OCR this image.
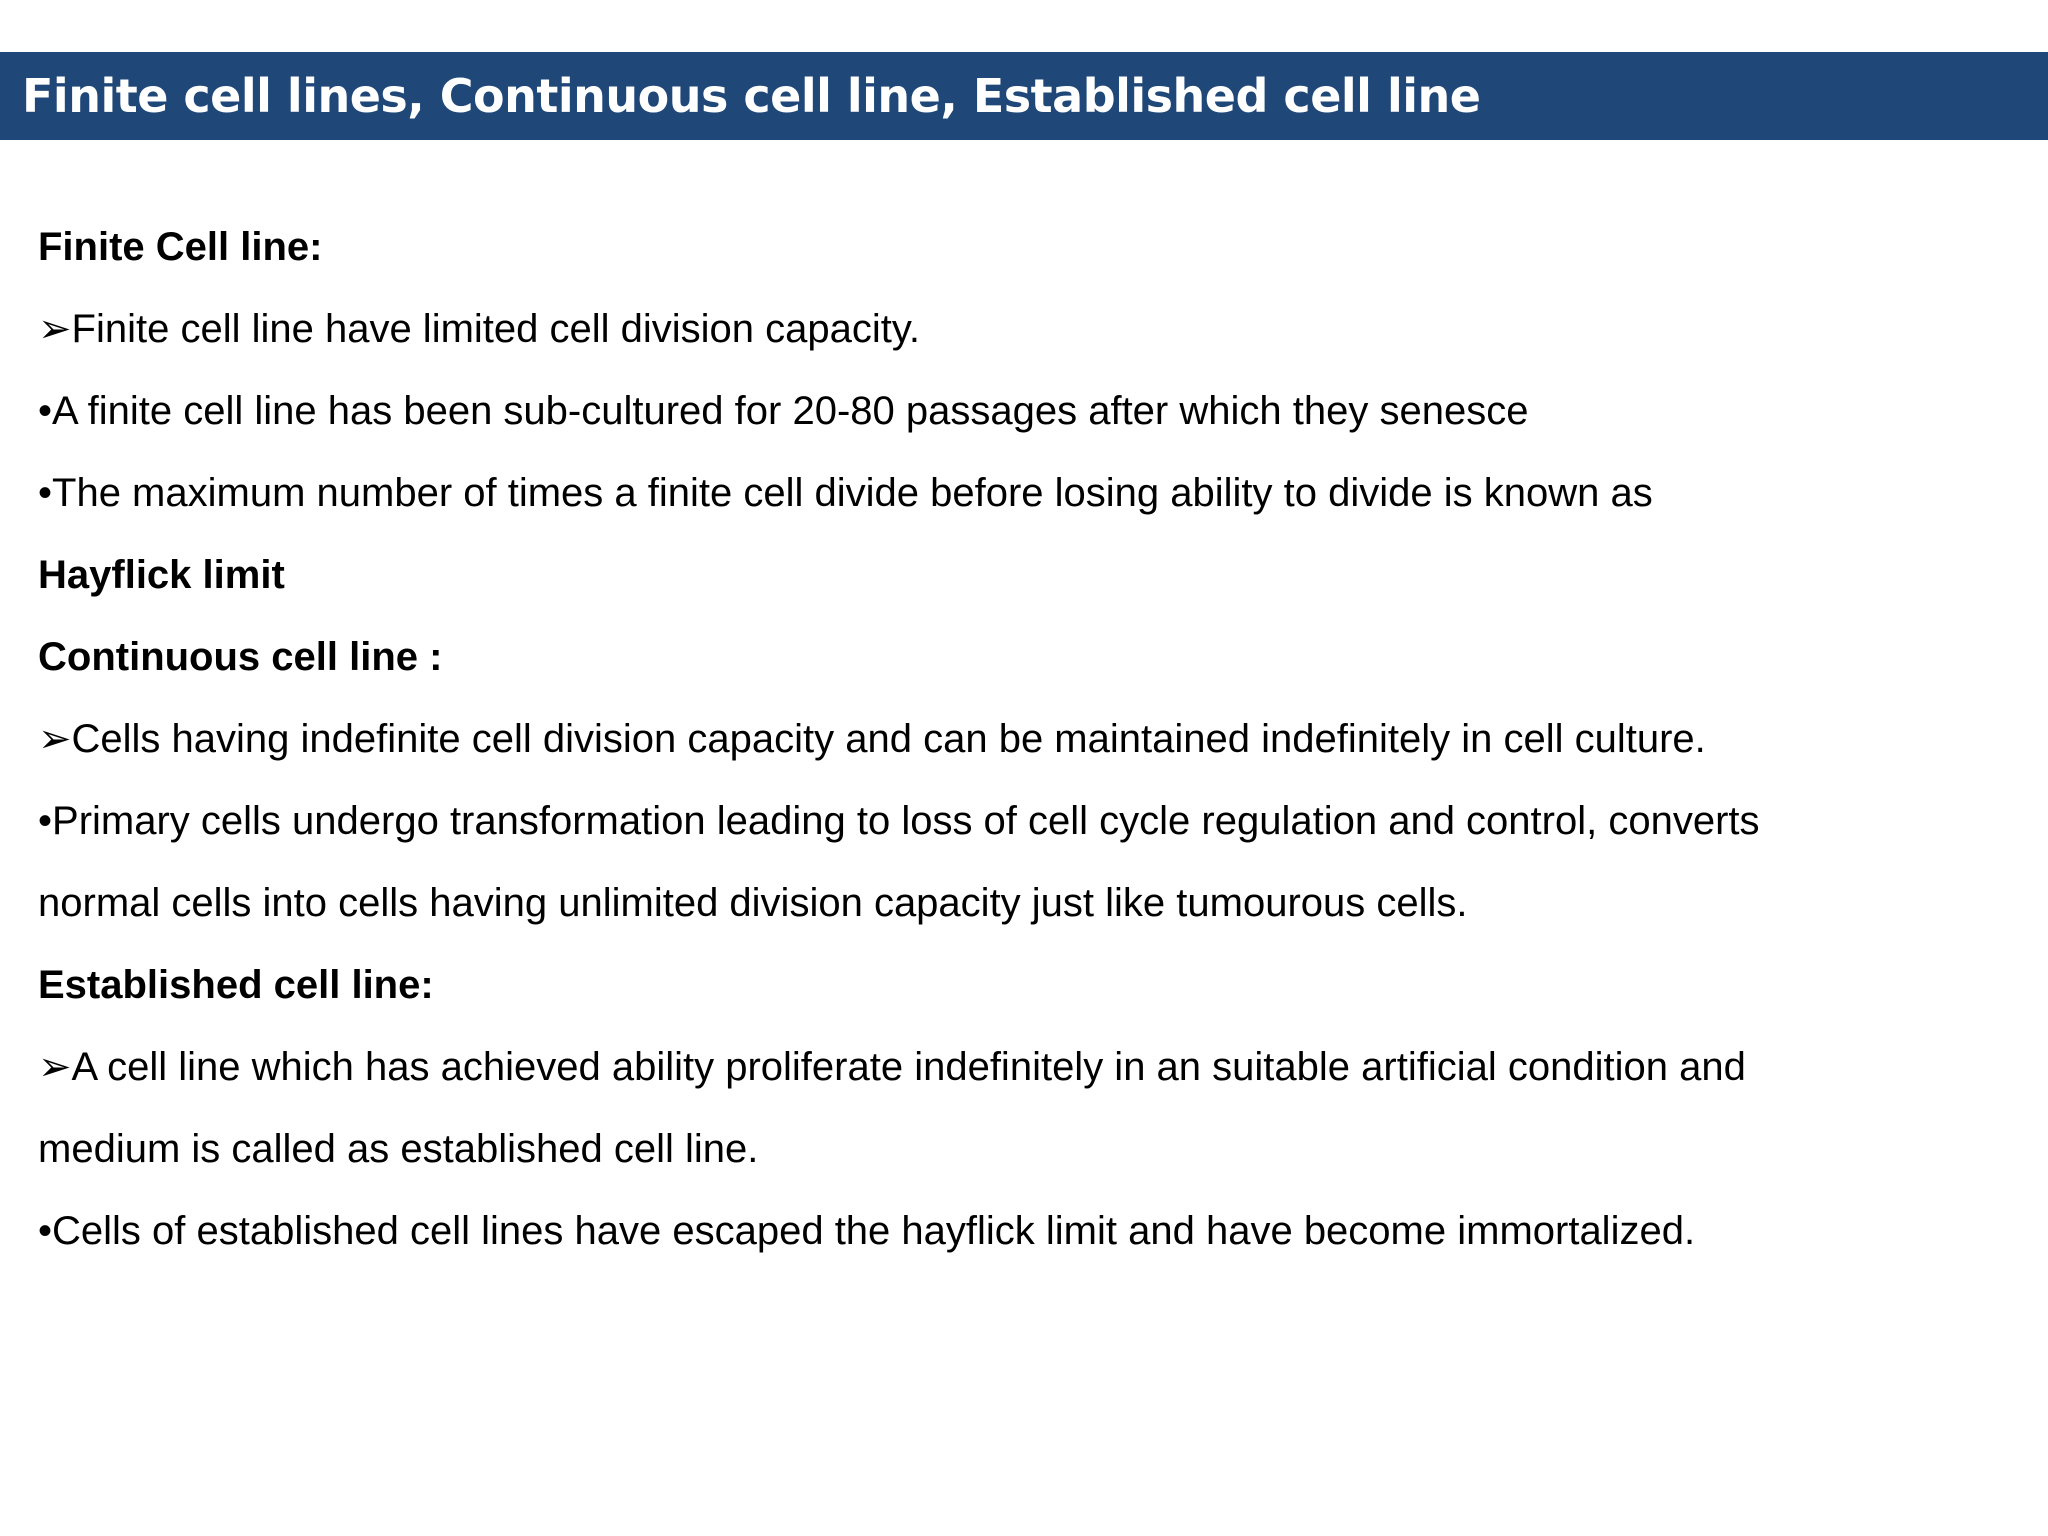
Finite cell lines, Continuous cell line, Established cell line
Finite Cell line:
➢Finite cell line have limited cell division capacity.
•A finite cell line has been sub-cultured for 20-80 passages after which they senesce
•The maximum number of times a finite cell divide before losing ability to divide is known as
Hayflick limit
Continuous cell line :
➢Cells having indefinite cell division capacity and can be maintained indefinitely in cell culture.
•Primary cells undergo transformation leading to loss of cell cycle regulation and control, converts
normal cells into cells having unlimited division capacity just like tumourous cells.
Established cell line:
➢A cell line which has achieved ability proliferate indefinitely in an suitable artificial condition and
medium is called as established cell line.
•Cells of established cell lines have escaped the hayflick limit and have become immortalized.
